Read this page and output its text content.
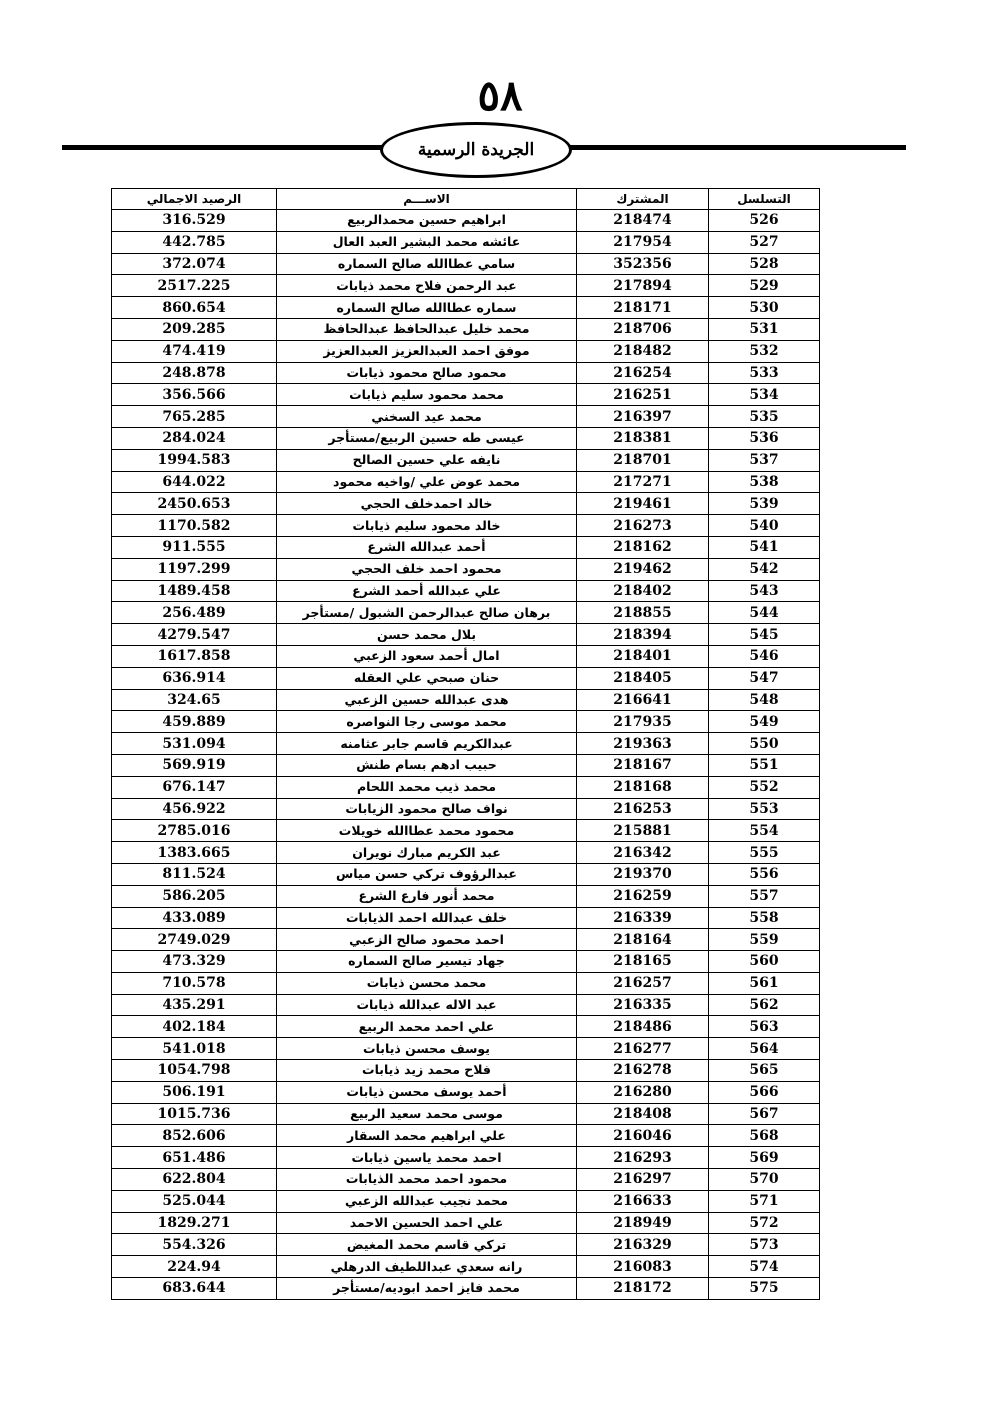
٥٨
الجريدة الرسمية
الرصيد الاجمالي	الاســـم	المشترك	التسلسل
316.529	ابراهيم حسين محمدالربيع	218474	526
442.785	عائشه محمد البشير العبد العال	217954	527
372.074	سامي عطاالله صالح السماره	352356	528
2517.225	عبد الرحمن فلاح محمد ذيابات	217894	529
860.654	سماره عطاالله صالح السماره	218171	530
209.285	محمد خليل عبدالحافظ عبدالحافظ	218706	531
474.419	موفق احمد العبدالعزيز العبدالعزيز	218482	532
248.878	محمود صالح محمود ذيابات	216254	533
356.566	محمد محمود سليم ذيابات	216251	534
765.285	محمد عيد السخني	216397	535
284.024	عيسى طه حسين الربيع/مستأجر	218381	536
1994.583	نايفه علي حسين الصالح	218701	537
644.022	محمد عوض علي /واخيه محمود	217271	538
2450.653	خالد احمدخلف الحجي	219461	539
1170.582	خالد محمود سليم ذيابات	216273	540
911.555	أحمد عبدالله الشرع	218162	541
1197.299	محمود احمد خلف الحجي	219462	542
1489.458	علي عبدالله أحمد الشرع	218402	543
256.489	برهان صالح عبدالرحمن الشبول /مستأجر	218855	544
4279.547	بلال محمد حسن	218394	545
1617.858	امال أحمد سعود الزعبي	218401	546
636.914	حنان صبحي علي العقله	218405	547
324.65	هدى عبدالله حسين الزعبي	216641	548
459.889	محمد موسى رجا النواصره	217935	549
531.094	عبدالكريم قاسم جابر عثامنه	219363	550
569.919	حبيب ادهم بسام طنش	218167	551
676.147	محمد ذيب محمد اللحام	218168	552
456.922	نواف صالح محمود الزيابات	216253	553
2785.016	محمود محمد عطاالله خويلات	215881	554
1383.665	عبد الكريم مبارك نويران	216342	555
811.524	عبدالرؤوف تركي حسن مياس	219370	556
586.205	محمد أنور فارع الشرع	216259	557
433.089	خلف عبدالله احمد الذيابات	216339	558
2749.029	احمد محمود صالح الزعبي	218164	559
473.329	جهاد تيسير صالح السماره	218165	560
710.578	محمد محسن ذيابات	216257	561
435.291	عبد الاله عبدالله ذيابات	216335	562
402.184	علي احمد محمد الربيع	218486	563
541.018	يوسف محسن ذيابات	216277	564
1054.798	فلاح محمد زيد ذيابات	216278	565
506.191	أحمد يوسف محسن ذيابات	216280	566
1015.736	موسى محمد سعيد الربيع	218408	567
852.606	علي ابراهيم محمد السقار	216046	568
651.486	احمد محمد ياسين ذيابات	216293	569
622.804	محمود احمد محمد الذيابات	216297	570
525.044	محمد نجيب عبدالله الزعبي	216633	571
1829.271	علي احمد الحسين الاحمد	218949	572
554.326	تركي قاسم محمد المغيض	216329	573
224.94	رانه سعدي عبداللطيف الدرهلي	216083	574
683.644	محمد فايز احمد ابوديه/مستأجر	218172	575
